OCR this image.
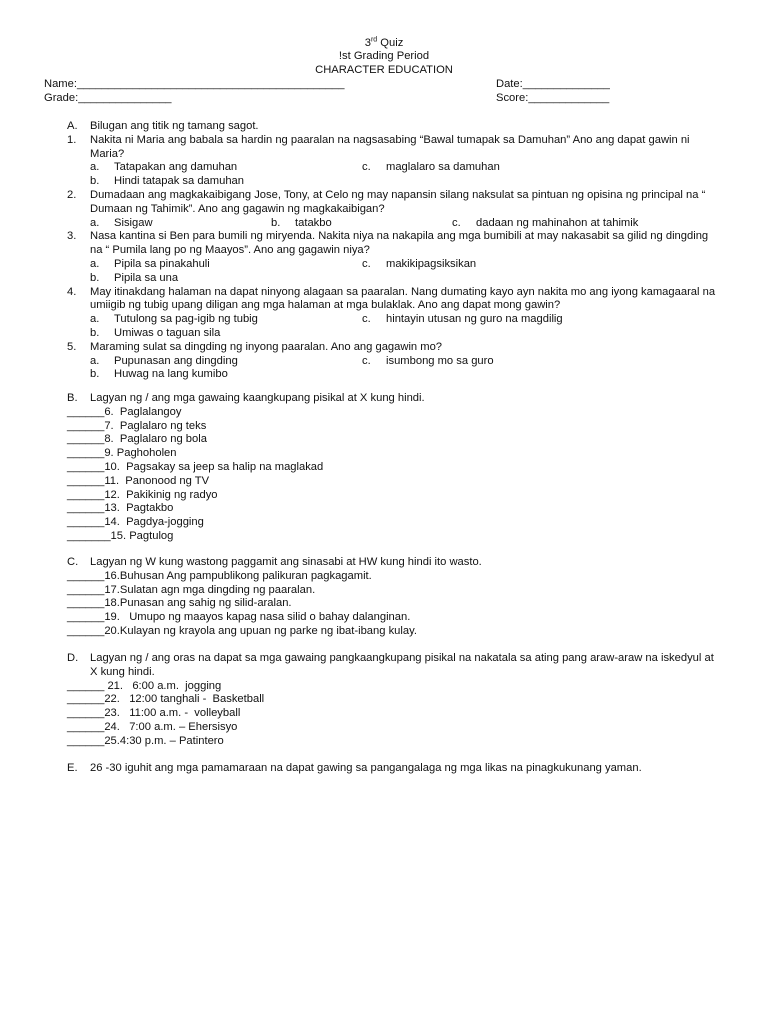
3rd Quiz
!st Grading Period
CHARACTER EDUCATION
Name:___________________________________________	Date:______________
Grade:_______________	Score:_____________
A. Bilugan ang titik ng tamang sagot.
1. Nakita ni Maria ang babala sa hardin ng paaralan na nagsasabing “Bawal tumapak sa Damuhan” Ano ang dapat gawin ni Maria?
a. Tatapakan ang damuhan	c. maglalaro sa damuhan
b. Hindi tatapak sa damuhan
2. Dumadaan ang magkakaibigang Jose, Tony, at Celo ng may napansin silang naksulat sa pintuan ng opisina ng principal na “ Dumaan ng Tahimik”. Ano ang gagawin ng magkakaibigan?
a. Sisigaw	b. tatakbo	c. dadaan ng mahinahon at tahimik
3. Nasa kantina si Ben para bumili ng miryenda. Nakita niya na nakapila ang mga bumibili at may nakasabit sa gilid ng dingding na “ Pumila lang po ng Maayos”. Ano ang gagawin niya?
a. Pipila sa pinakahuli	c. makikipagsiksikan
b. Pipila sa una
4. May itinakdang halaman na dapat ninyong alagaan sa paaralan. Nang dumating kayo ayn nakita mo ang iyong kamagaaral na umiigib ng tubig upang diligan ang mga halaman at mga bulaklak. Ano ang dapat mong gawin?
a. Tutulong sa pag-igib ng tubig	c. hintayin utusan ng guro na magdilig
b. Umiwas o taguan sila
5. Maraming sulat sa dingding ng inyong paaralan. Ano ang gagawin mo?
a. Pupunasan ang dingding	c. isumbong mo sa guro
b. Huwag na lang kumibo
B. Lagyan ng / ang mga gawaing kaangkupang pisikal at X kung hindi.
______6.  Paglalangoy
______7.  Paglalaro ng teks
______8.  Paglalaro ng bola
______9. Paghoholen
______10.  Pagsakay sa jeep sa halip na maglakad
______11.  Panonood ng TV
______12.  Pakikinig ng radyo
______13.  Pagtakbo
______14.  Pagdya-jogging
_______15. Pagtulog
C. Lagyan ng W kung wastong paggamit ang sinasabi at HW kung hindi ito wasto.
______16.Buhusan Ang pampublikong palikuran pagkagamit.
______17.Sulatan agn mga dingding ng paaralan.
______18.Punasan ang sahig ng silid-aralan.
______19.   Umupo ng maayos kapag nasa silid o bahay dalanginan.
______20.Kulayan ng krayola ang upuan ng parke ng ibat-ibang kulay.
D. Lagyan ng / ang oras na dapat sa mga gawaing pangkaangkupang pisikal na nakatala sa ating pang araw-araw na iskedyul at X kung hindi.
______ 21.   6:00 a.m.  jogging
______22.   12:00 tanghali -  Basketball
______23.   11:00 a.m. -  volleyball
______24.   7:00 a.m. – Ehersisyo
______25.4:30 p.m. – Patintero
E. 26 -30 iguhit ang mga pamamaraan na dapat gawing sa pangangalaga ng mga likas na pinagkukunang yaman.
